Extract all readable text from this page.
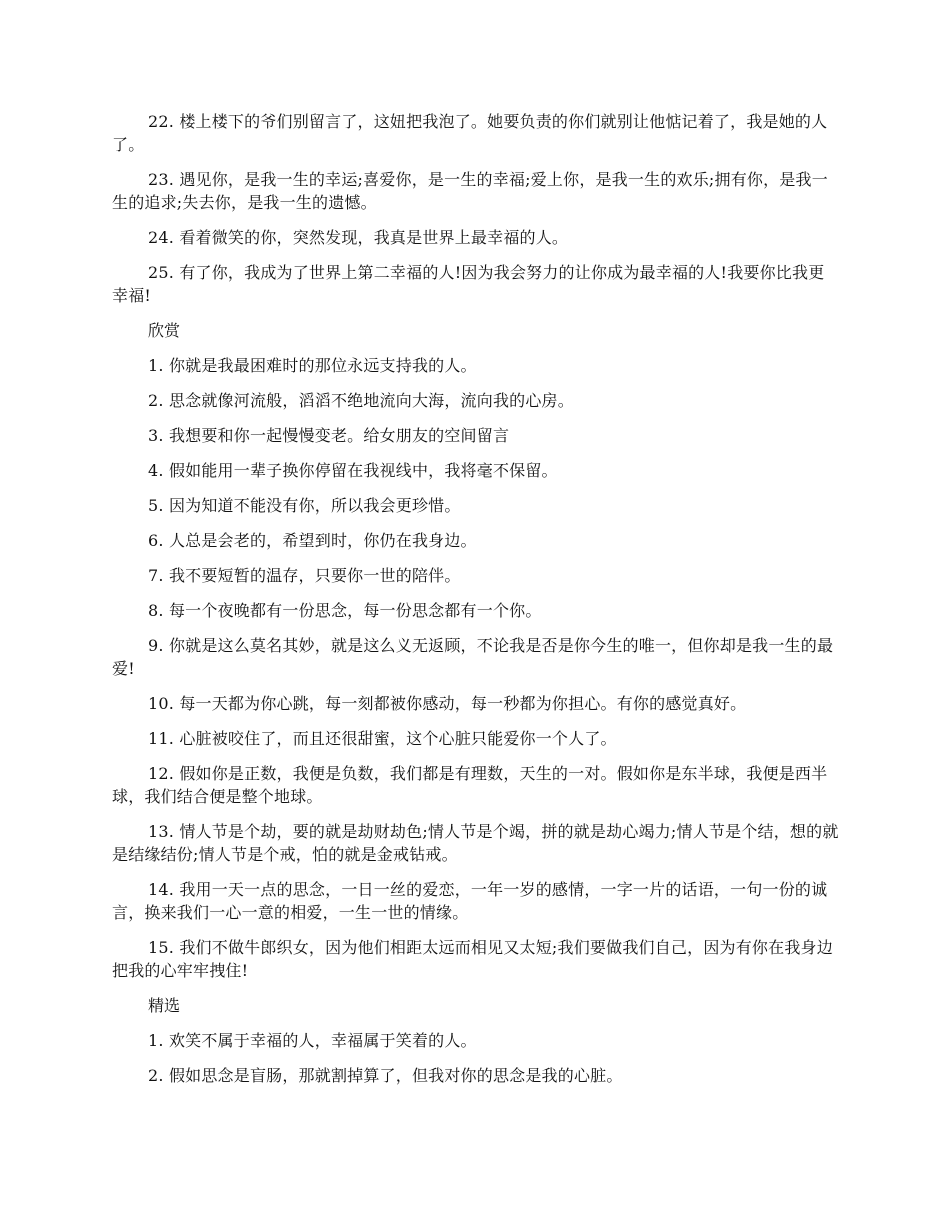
22. 楼上楼下的爷们别留言了，这妞把我泡了。她要负责的你们就别让他惦记着了，我是她的人了。

23. 遇见你，是我一生的幸运;喜爱你，是一生的幸福;爱上你，是我一生的欢乐;拥有你，是我一生的追求;失去你，是我一生的遗憾。

24. 看着微笑的你，突然发现，我真是世界上最幸福的人。

25. 有了你，我成为了世界上第二幸福的人!因为我会努力的让你成为最幸福的人!我要你比我更幸福!

欣赏

1. 你就是我最困难时的那位永远支持我的人。

2. 思念就像河流般，滔滔不绝地流向大海，流向我的心房。

3. 我想要和你一起慢慢变老。给女朋友的空间留言

4. 假如能用一辈子换你停留在我视线中，我将毫不保留。

5. 因为知道不能没有你，所以我会更珍惜。

6. 人总是会老的，希望到时，你仍在我身边。

7. 我不要短暂的温存，只要你一世的陪伴。

8. 每一个夜晚都有一份思念，每一份思念都有一个你。

9. 你就是这么莫名其妙，就是这么义无返顾，不论我是否是你今生的唯一，但你却是我一生的最爱!

10. 每一天都为你心跳，每一刻都被你感动，每一秒都为你担心。有你的感觉真好。

11. 心脏被咬住了，而且还很甜蜜，这个心脏只能爱你一个人了。

12. 假如你是正数，我便是负数，我们都是有理数，天生的一对。假如你是东半球，我便是西半球，我们结合便是整个地球。

13. 情人节是个劫，要的就是劫财劫色;情人节是个竭，拼的就是劫心竭力;情人节是个结，想的就是结缘结份;情人节是个戒，怕的就是金戒钻戒。

14. 我用一天一点的思念，一日一丝的爱恋，一年一岁的感情，一字一片的话语，一句一份的诚言，换来我们一心一意的相爱，一生一世的情缘。

15. 我们不做牛郎织女，因为他们相距太远而相见又太短;我们要做我们自己，因为有你在我身边把我的心牢牢拽住!

精选

1. 欢笑不属于幸福的人，幸福属于笑着的人。

2. 假如思念是盲肠，那就割掉算了，但我对你的思念是我的心脏。
